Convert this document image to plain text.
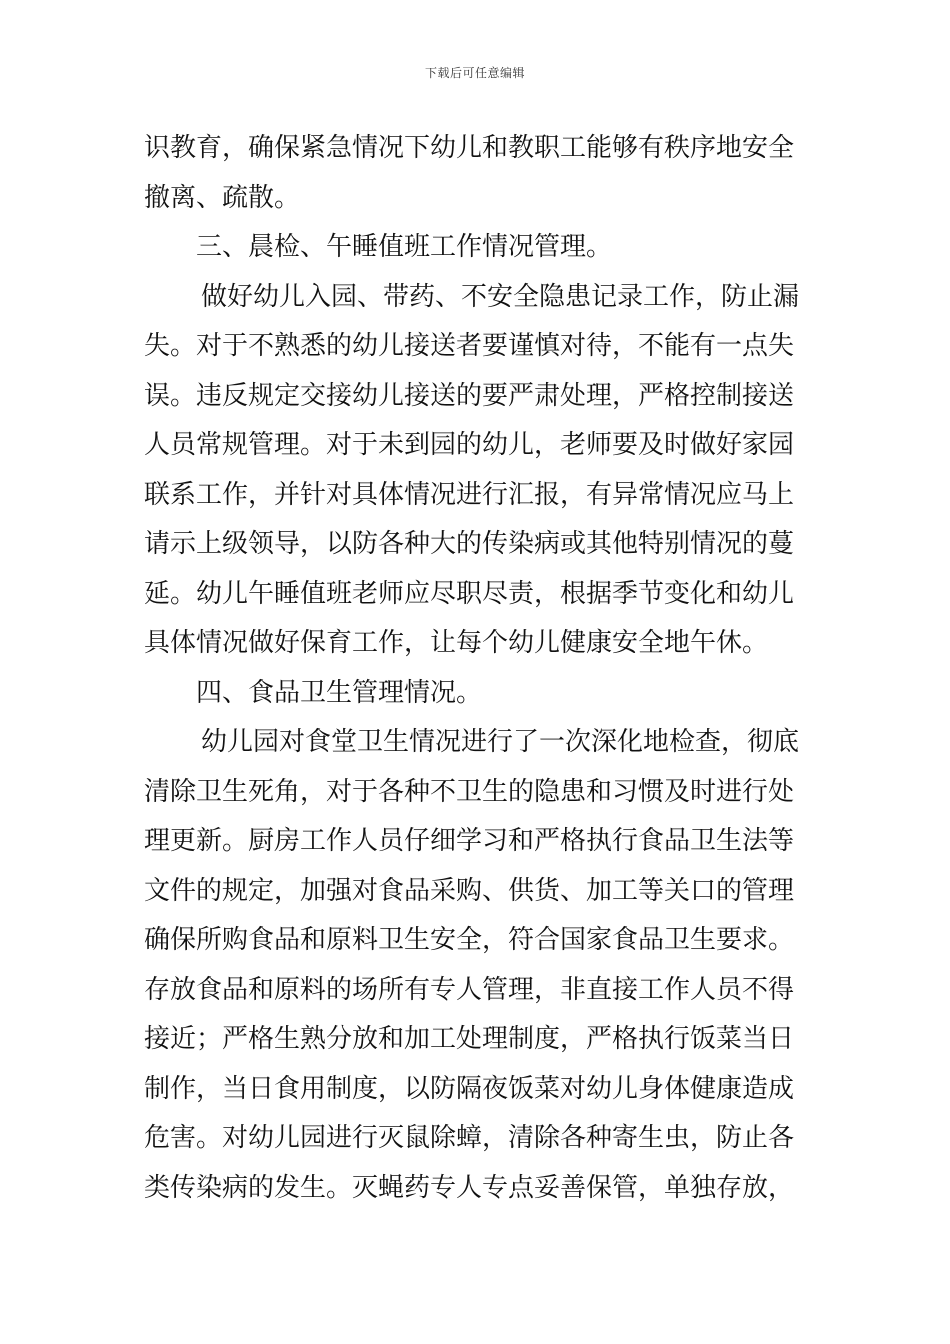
下载后可任意编辑
识教育，确保紧急情况下幼儿和教职工能够有秩序地安全
撤离、疏散。
三、晨检、午睡值班工作情况管理。
做好幼儿入园、带药、不安全隐患记录工作，防止漏
失。对于不熟悉的幼儿接送者要谨慎对待，不能有一点失
误。违反规定交接幼儿接送的要严肃处理，严格控制接送
人员常规管理。对于未到园的幼儿，老师要及时做好家园
联系工作，并针对具体情况进行汇报，有异常情况应马上
请示上级领导，以防各种大的传染病或其他特别情况的蔓
延。幼儿午睡值班老师应尽职尽责，根据季节变化和幼儿
具体情况做好保育工作，让每个幼儿健康安全地午休。
四、食品卫生管理情况。
幼儿园对食堂卫生情况进行了一次深化地检查，彻底
清除卫生死角，对于各种不卫生的隐患和习惯及时进行处
理更新。厨房工作人员仔细学习和严格执行食品卫生法等
文件的规定，加强对食品采购、供货、加工等关口的管理
确保所购食品和原料卫生安全，符合国家食品卫生要求。
存放食品和原料的场所有专人管理，非直接工作人员不得
接近；严格生熟分放和加工处理制度，严格执行饭菜当日
制作，当日食用制度，以防隔夜饭菜对幼儿身体健康造成
危害。对幼儿园进行灭鼠除蟑，清除各种寄生虫，防止各
类传染病的发生。灭蝇药专人专点妥善保管，单独存放，
